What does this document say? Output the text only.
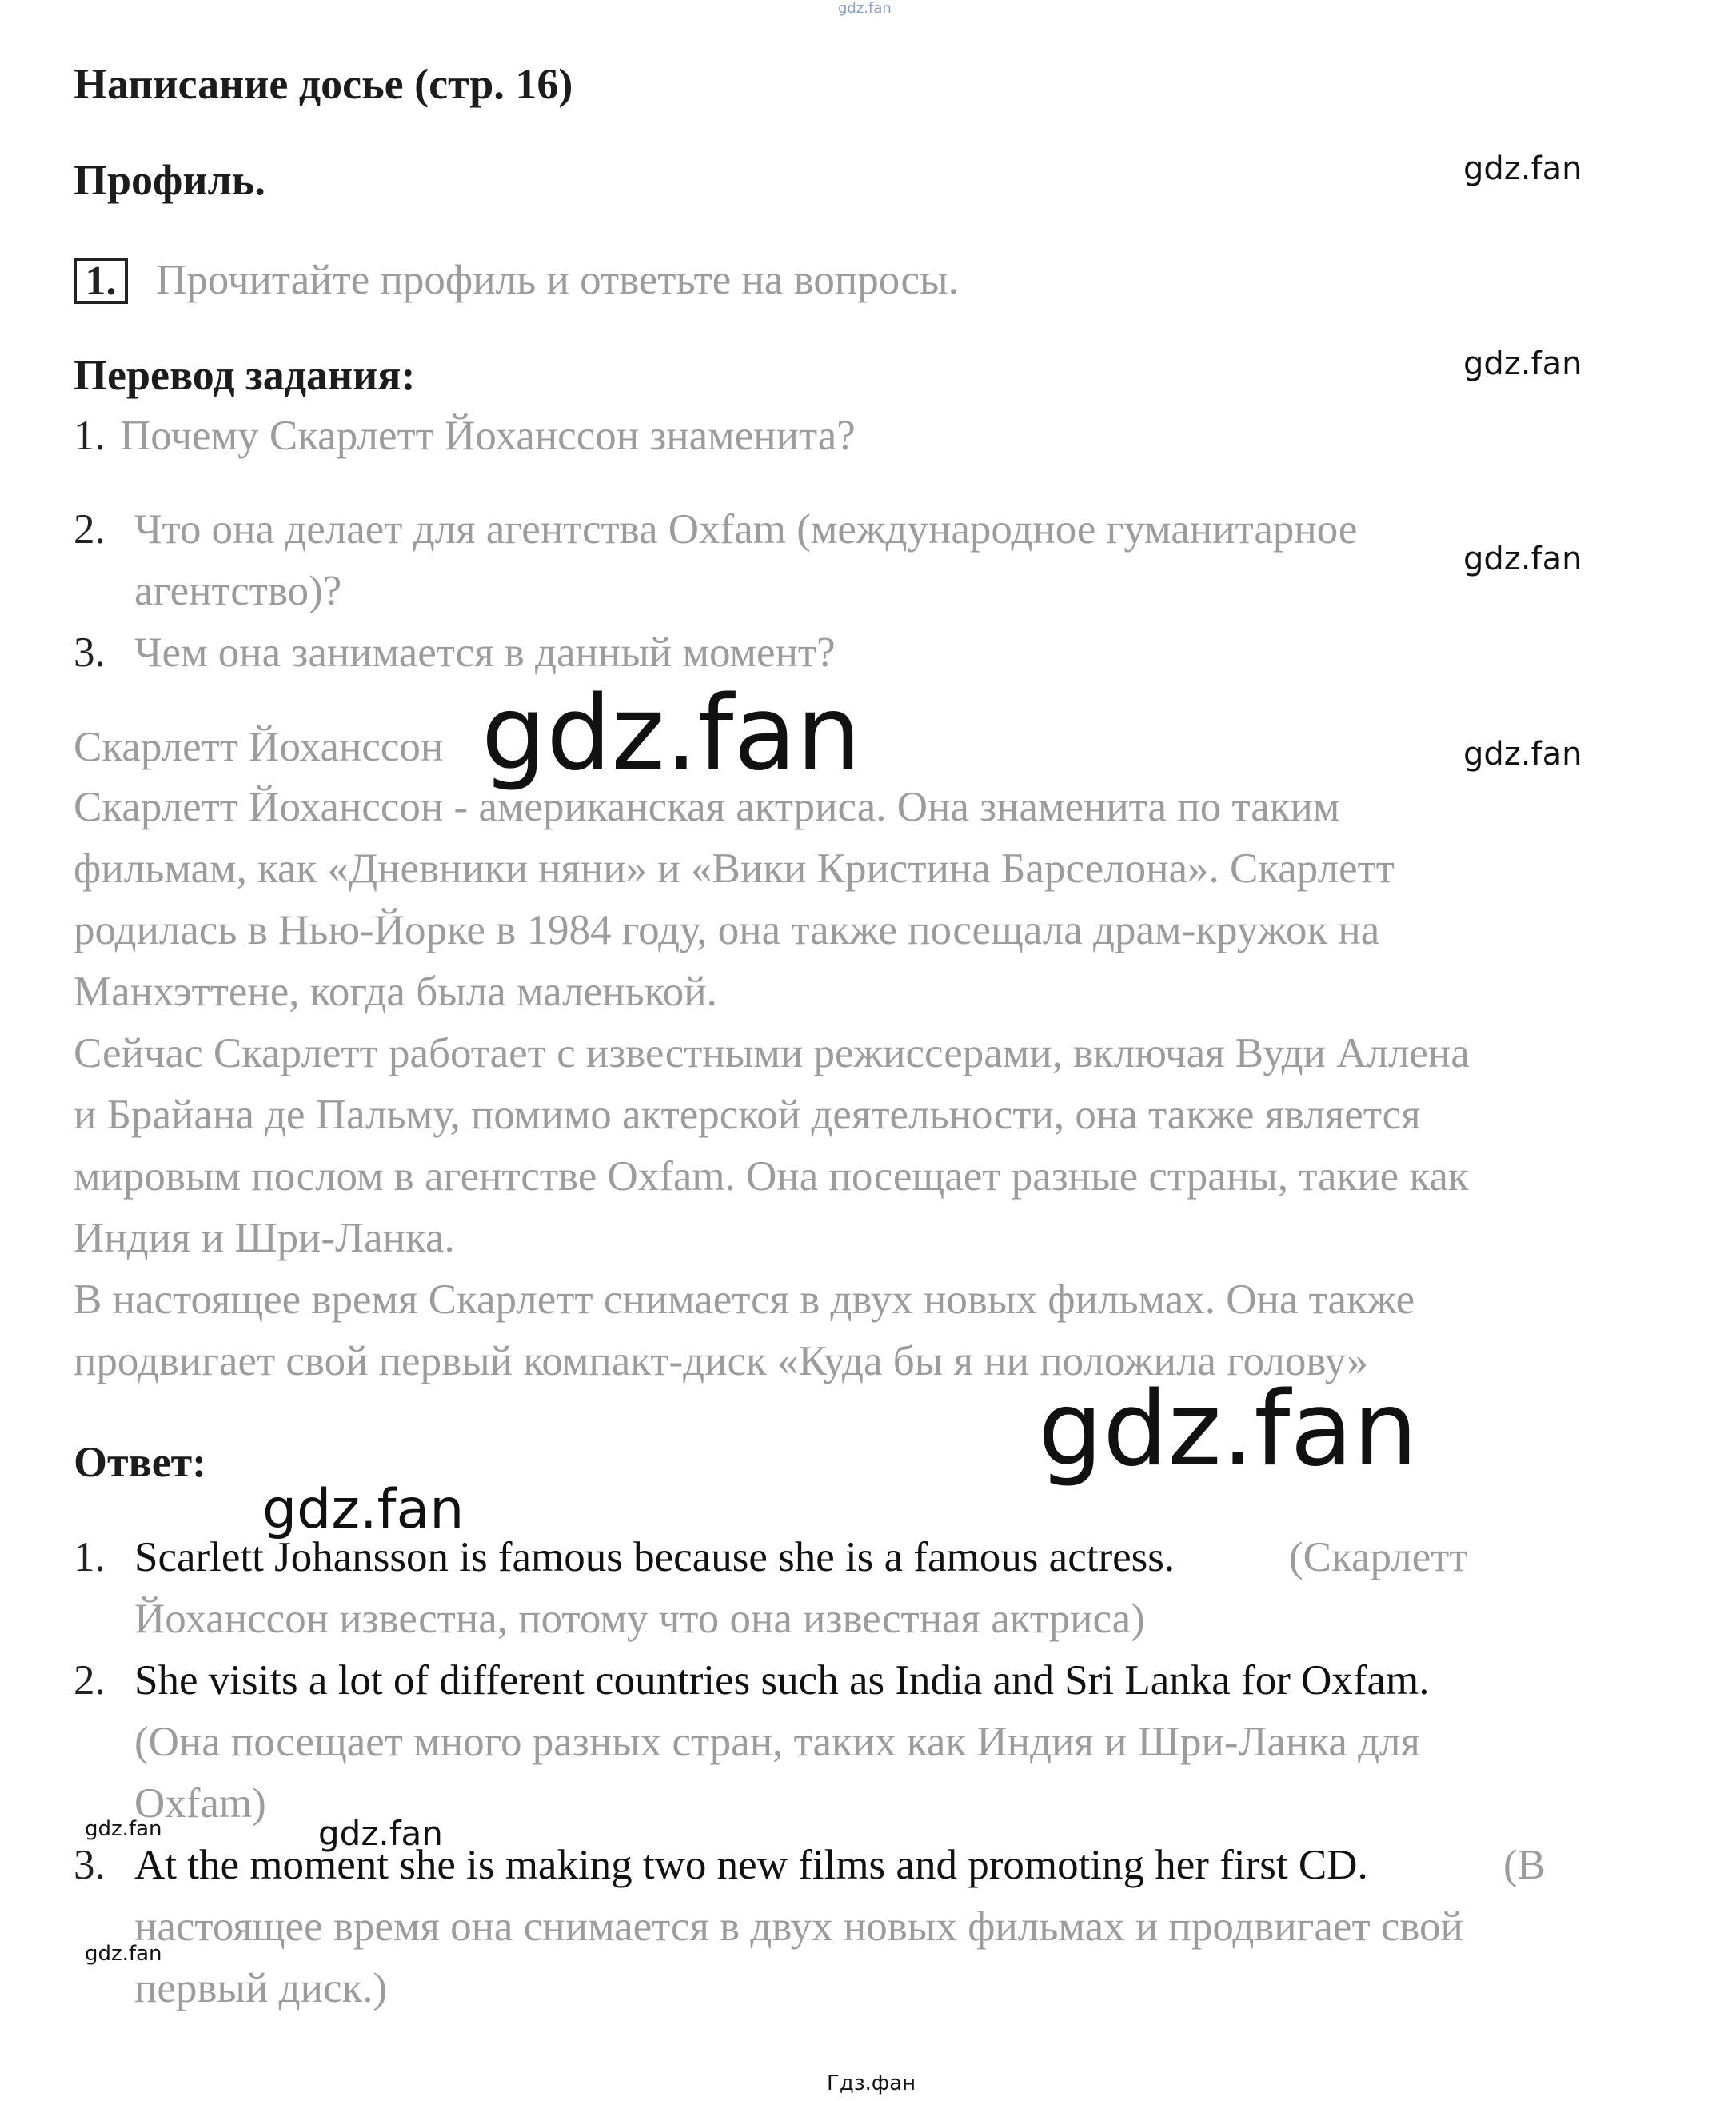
gdz.fan
Написание досье (стр. 16)
Профиль.
1. Прочитайте профиль и ответьте на вопросы.
Перевод задания:
1. Почему Скарлетт Йоханссон знаменита?
2. Что она делает для агентства Oxfam (международное гуманитарное
агентство)?
3. Чем она занимается в данный момент?
Скарлетт Йоханссон
Скарлетт Йоханссон - американская актриса. Она знаменита по таким
фильмам, как «Дневники няни» и «Вики Кристина Барселона». Скарлетт
родилась в Нью-Йорке в 1984 году, она также посещала драм-кружок на
Манхэттене, когда была маленькой.
Сейчас Скарлетт работает с известными режиссерами, включая Вуди Аллена
и Брайана де Пальму, помимо актерской деятельности, она также является
мировым послом в агентстве Oxfam. Она посещает разные страны, такие как
Индия и Шри-Ланка.
В настоящее время Скарлетт снимается в двух новых фильмах. Она также
продвигает свой первый компакт-диск «Куда бы я ни положила голову»
Ответ:
1. Scarlett Johansson is famous because she is a famous actress.	(Скарлетт
Йоханссон известна, потому что она известная актриса)
2. She visits a lot of different countries such as India and Sri Lanka for Oxfam.
(Она посещает много разных стран, таких как Индия и Шри-Ланка для
Oxfam)
3. At the moment she is making two new films and promoting her first CD.	(В
настоящее время она снимается в двух новых фильмах и продвигает свой
первый диск.)
gdz.fan
gdz.fan
gdz.fan
gdz.fan
gdz.fan
gdz.fan
gdz.fan
gdz.fan
gdz.fan
gdz.fan
Гдз.фан
